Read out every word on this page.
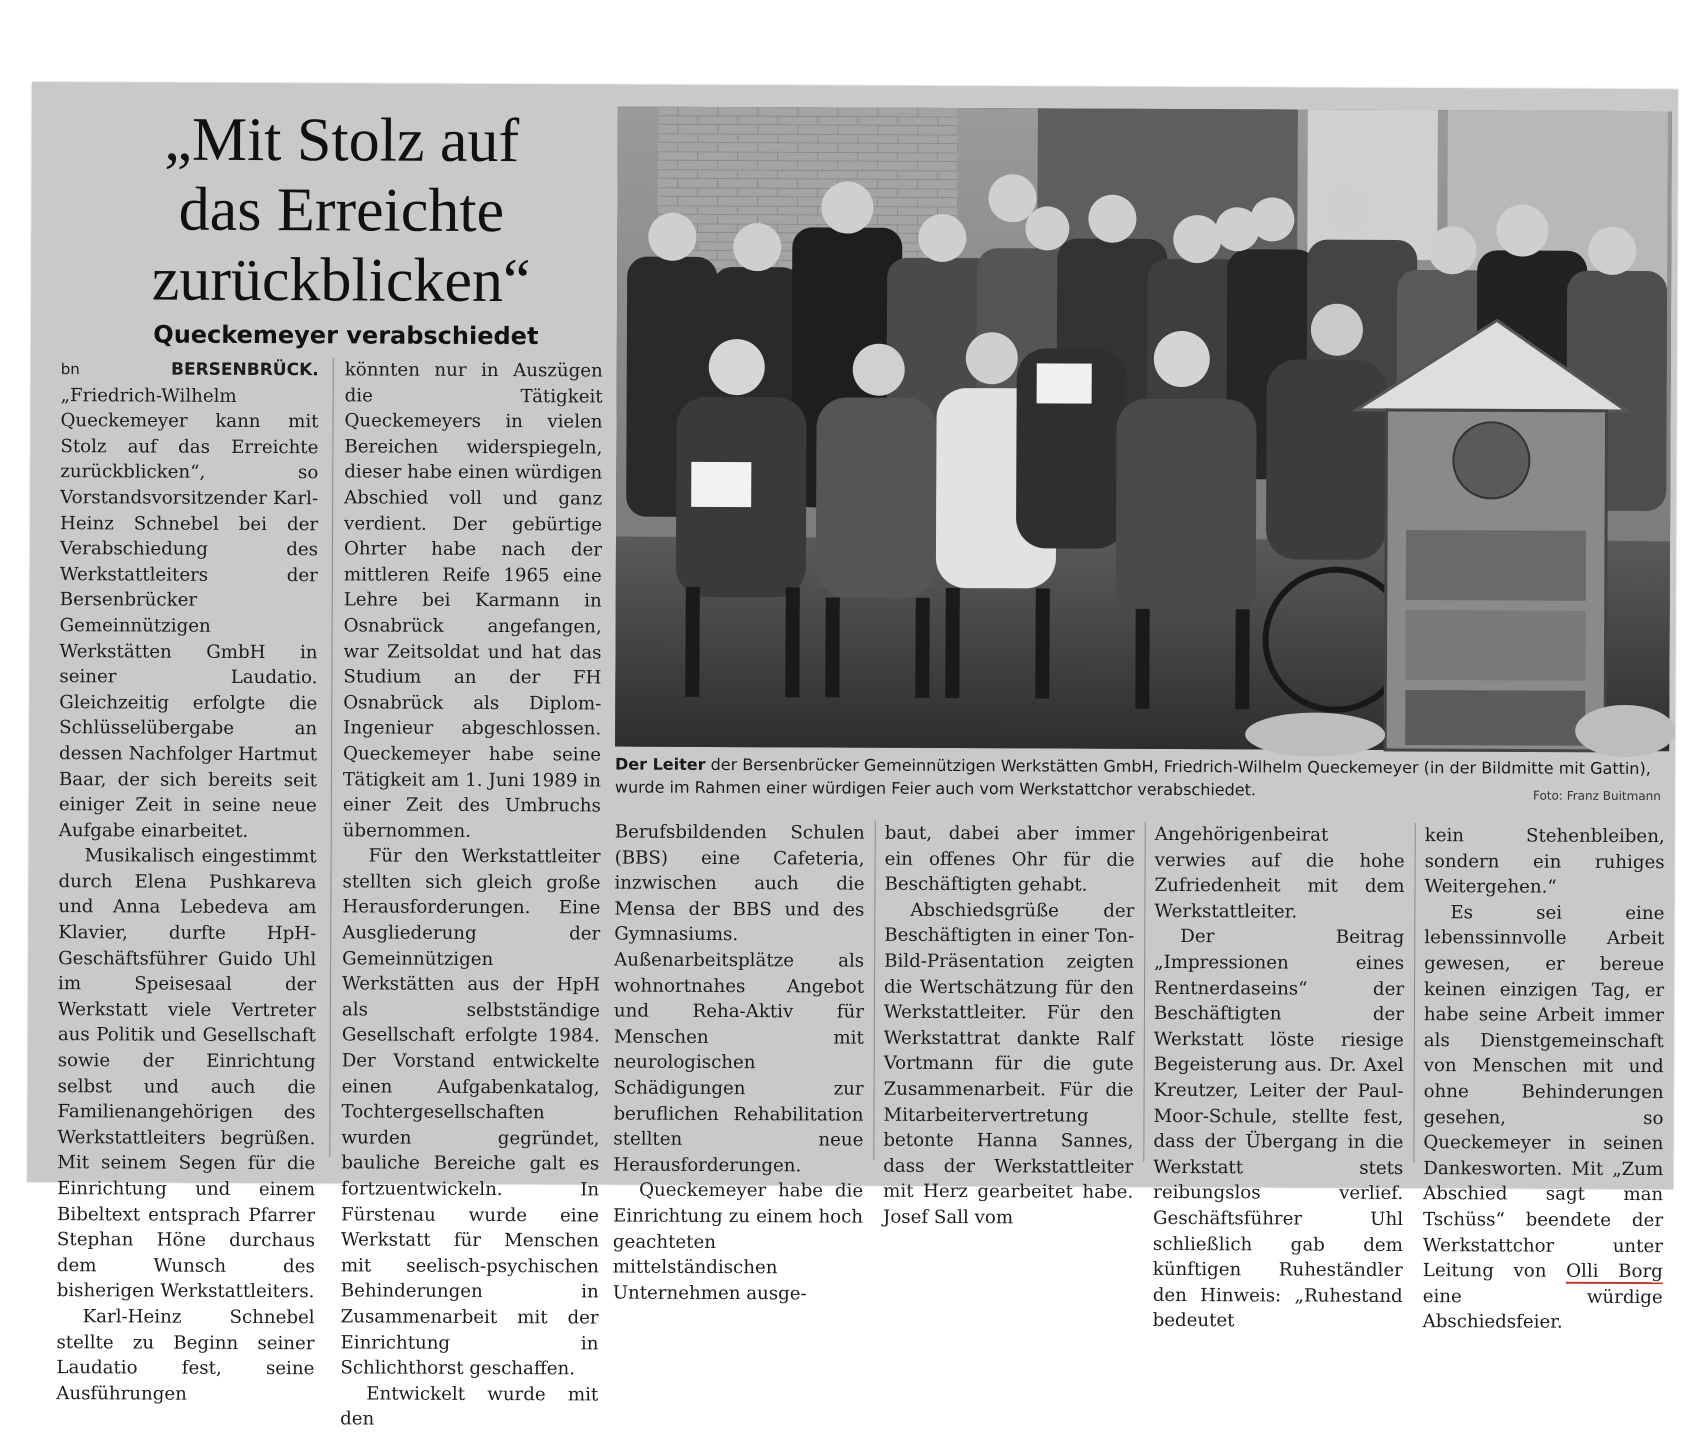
„Mit Stolz auf
das Erreichte
zurückblicken“
Queckemeyer verabschiedet

bn	BERSENBRÜCK. „Friedrich-Wilhelm Queckemeyer kann mit Stolz auf das Erreichte zurückblicken“, so Vorstandsvorsitzender Karl-Heinz Schnebel bei der Verabschiedung des Werkstattleiters der Bersenbrücker Gemeinnützigen Werkstätten GmbH in seiner Laudatio. Gleichzeitig erfolgte die Schlüsselübergabe an dessen Nachfolger Hartmut Baar, der sich bereits seit einiger Zeit in seine neue Aufgabe einarbeitet.

Musikalisch eingestimmt durch Elena Pushkareva und Anna Lebedeva am Klavier, durfte HpH-Geschäftsführer Guido Uhl im Speisesaal der Werkstatt viele Vertreter aus Politik und Gesellschaft sowie der Einrichtung selbst und auch die Familienangehörigen des Werkstattleiters begrüßen. Mit seinem Segen für die Einrichtung und einem Bibeltext entsprach Pfarrer Stephan Höne durchaus dem Wunsch des bisherigen Werkstattleiters.

Karl-Heinz Schnebel stellte zu Beginn seiner Laudatio fest, seine Ausführungen

könnten nur in Auszügen die Tätigkeit Queckemeyers in vielen Bereichen widerspiegeln, dieser habe einen würdigen Abschied voll und ganz verdient. Der gebürtige Ohrter habe nach der mittleren Reife 1965 eine Lehre bei Karmann in Osnabrück angefangen, war Zeitsoldat und hat das Studium an der FH Osnabrück als Diplom-Ingenieur abgeschlossen. Queckemeyer habe seine Tätigkeit am 1. Juni 1989 in einer Zeit des Umbruchs übernommen.

Für den Werkstattleiter stellten sich gleich große Herausforderungen. Eine Ausgliederung der Gemeinnützigen Werkstätten aus der HpH als selbstständige Gesellschaft erfolgte 1984. Der Vorstand entwickelte einen Aufgabenkatalog, Tochtergesellschaften wurden gegründet, bauliche Bereiche galt es fortzuentwickeln. In Fürstenau wurde eine Werkstatt für Menschen mit seelisch-psychischen Behinderungen in Zusammenarbeit mit der Einrichtung in Schlichthorst geschaffen.

Entwickelt wurde mit den

Der Leiter der Bersenbrücker Gemeinnützigen Werkstätten GmbH, Friedrich-Wilhelm Queckemeyer (in der Bildmitte mit Gattin), wurde im Rahmen einer würdigen Feier auch vom Werkstattchor verabschiedet.	Foto: Franz Buitmann

Berufsbildenden Schulen (BBS) eine Cafeteria, inzwischen auch die Mensa der BBS und des Gymnasiums. Außenarbeitsplätze als wohnortnahes Angebot und Reha-Aktiv für Menschen mit neurologischen Schädigungen zur beruflichen Rehabilitation stellten neue Herausforderungen.

Queckemeyer habe die Einrichtung zu einem hoch geachteten mittelständischen Unternehmen ausge-

baut, dabei aber immer ein offenes Ohr für die Beschäftigten gehabt.

Abschiedsgrüße der Beschäftigten in einer Ton-Bild-Präsentation zeigten die Wertschätzung für den Werkstattleiter. Für den Werkstattrat dankte Ralf Vortmann für die gute Zusammenarbeit. Für die Mitarbeitervertretung betonte Hanna Sannes, dass der Werkstattleiter mit Herz gearbeitet habe. Josef Sall vom

Angehörigenbeirat verwies auf die hohe Zufriedenheit mit dem Werkstattleiter.

Der Beitrag „Impressionen eines Rentnerdaseins“ der Beschäftigten der Werkstatt löste riesige Begeisterung aus. Dr. Axel Kreutzer, Leiter der Paul-Moor-Schule, stellte fest, dass der Übergang in die Werkstatt stets reibungslos verlief. Geschäftsführer Uhl schließlich gab dem künftigen Ruheständler den Hinweis: „Ruhestand bedeutet

kein Stehenbleiben, sondern ein ruhiges Weitergehen.“

Es sei eine lebenssinnvolle Arbeit gewesen, er bereue keinen einzigen Tag, er habe seine Arbeit immer als Dienstgemeinschaft von Menschen mit und ohne Behinderungen gesehen, so Queckemeyer in seinen Dankesworten. Mit „Zum Abschied sagt man Tschüss“ beendete der Werkstattchor unter Leitung von Olli Borg eine würdige Abschiedsfeier.
